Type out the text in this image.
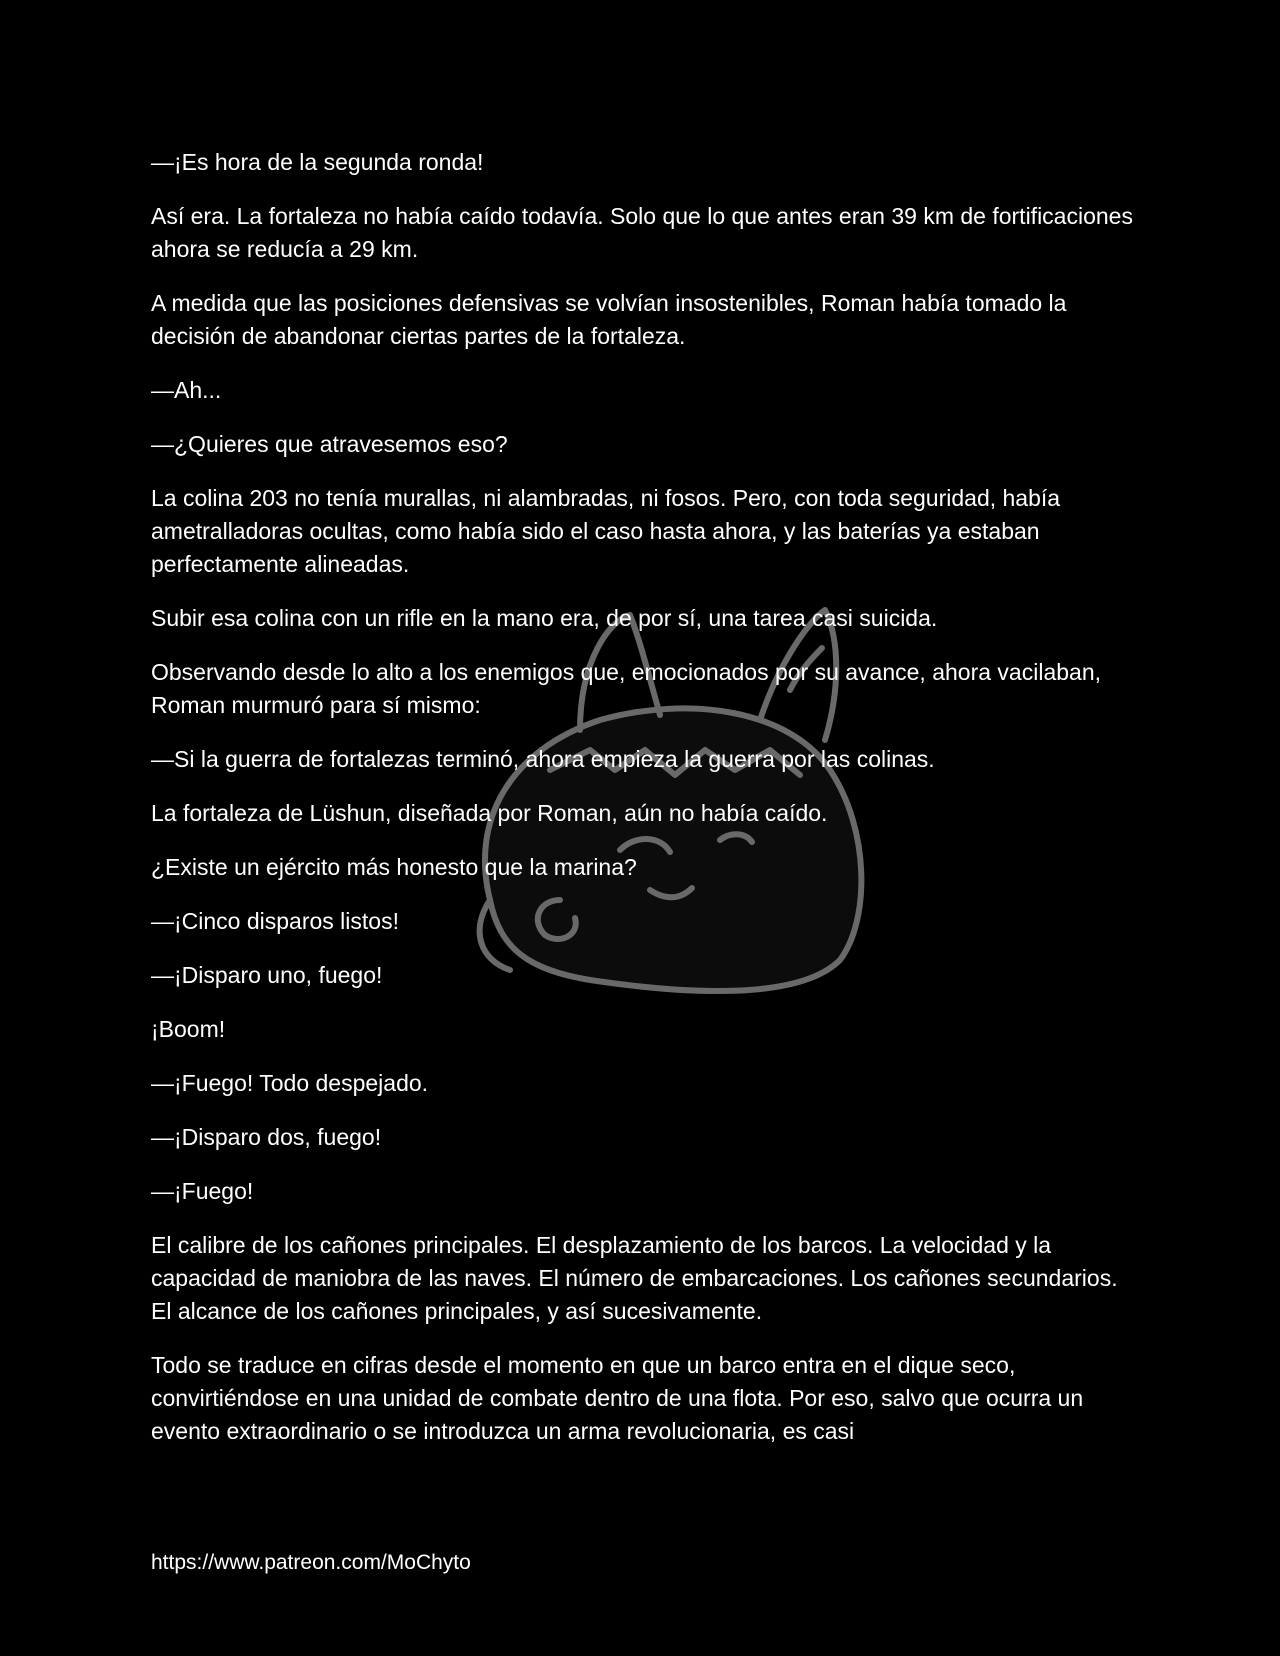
—¡Es hora de la segunda ronda!

Así era. La fortaleza no había caído todavía. Solo que lo que antes eran 39 km de fortificaciones ahora se reducía a 29 km.

A medida que las posiciones defensivas se volvían insostenibles, Roman había tomado la decisión de abandonar ciertas partes de la fortaleza.

—Ah...

—¿Quieres que atravesemos eso?

La colina 203 no tenía murallas, ni alambradas, ni fosos. Pero, con toda seguridad, había ametralladoras ocultas, como había sido el caso hasta ahora, y las baterías ya estaban perfectamente alineadas.

Subir esa colina con un rifle en la mano era, de por sí, una tarea casi suicida.

Observando desde lo alto a los enemigos que, emocionados por su avance, ahora vacilaban, Roman murmuró para sí mismo:

—Si la guerra de fortalezas terminó, ahora empieza la guerra por las colinas.

La fortaleza de Lüshun, diseñada por Roman, aún no había caído.

¿Existe un ejército más honesto que la marina?

—¡Cinco disparos listos!

—¡Disparo uno, fuego!

¡Boom!

—¡Fuego! Todo despejado.

—¡Disparo dos, fuego!

—¡Fuego!

El calibre de los cañones principales. El desplazamiento de los barcos. La velocidad y la capacidad de maniobra de las naves. El número de embarcaciones. Los cañones secundarios. El alcance de los cañones principales, y así sucesivamente.

Todo se traduce en cifras desde el momento en que un barco entra en el dique seco, convirtiéndose en una unidad de combate dentro de una flota. Por eso, salvo que ocurra un evento extraordinario o se introduzca un arma revolucionaria, es casi

https://www.patreon.com/MoChyto
